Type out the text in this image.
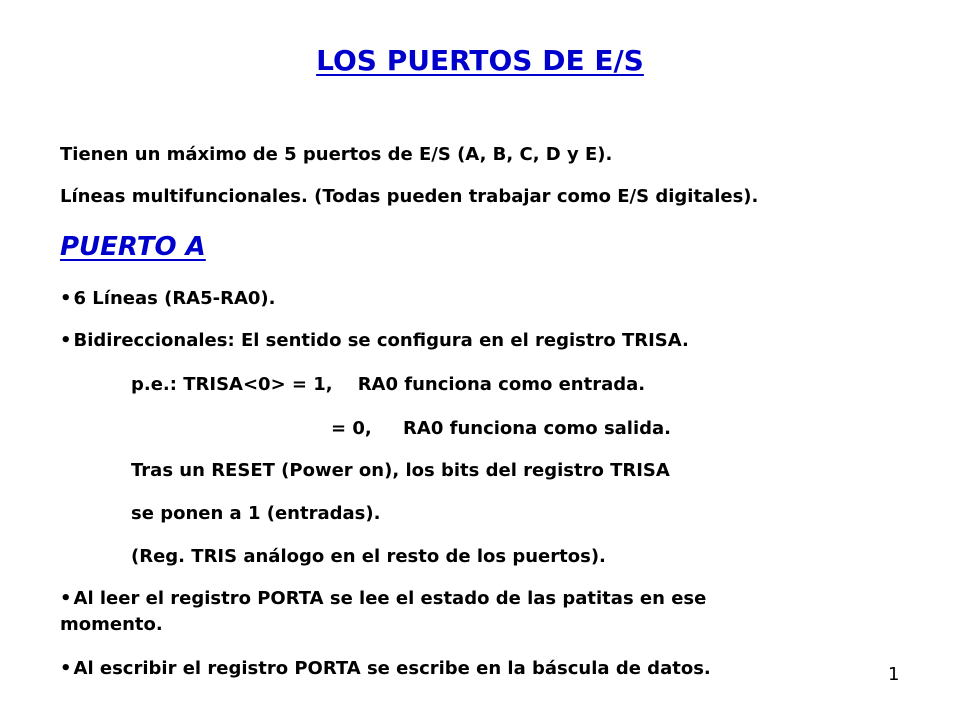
LOS PUERTOS DE E/S
Tienen un máximo de 5 puertos de E/S (A, B, C, D y E).
Líneas multifuncionales. (Todas pueden trabajar como E/S digitales).
PUERTO A
• 6 Líneas (RA5-RA0).
• Bidireccionales: El sentido se configura en el registro TRISA.
p.e.: TRISA<0> = 1,    RA0 funciona como entrada.
= 0,     RA0 funciona como salida.
Tras un RESET (Power on), los bits del registro TRISA
se ponen a 1 (entradas).
(Reg. TRIS análogo en el resto de los puertos).
• Al leer el registro PORTA se lee el estado de las patitas en ese
momento.
• Al escribir el registro PORTA se escribe en la báscula de datos.	1
